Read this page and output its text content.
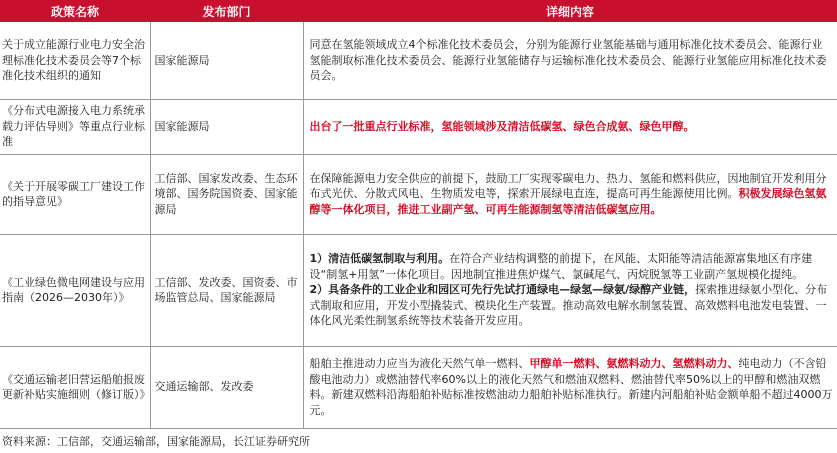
政策名称	发布部门	详细内容
关于成立能源行业电力安全治理标准化技术委员会等7个标准化技术组织的通知	国家能源局	同意在氢能领域成立4个标准化技术委员会，分别为能源行业氢能基础与通用标准化技术委员会、能源行业氢能制取标准化技术委员会、能源行业氢能储存与运输标准化技术委员会、能源行业氢能应用标准化技术委员会。
《分布式电源接入电力系统承载力评估导则》等重点行业标准	国家能源局	出台了一批重点行业标准，氢能领域涉及清洁低碳氢、绿色合成氨、绿色甲醇。
《关于开展零碳工厂建设工作的指导意见》	工信部、国家发改委、生态环境部、国务院国资委、国家能源局	在保障能源电力安全供应的前提下，鼓励工厂实现零碳电力、热力、氢能和燃料供应，因地制宜开发利用分布式光伏、分散式风电、生物质发电等，探索开展绿电直连，提高可再生能源使用比例。积极发展绿色氢氨醇等一体化项目，推进工业副产氢、可再生能源制氢等清洁低碳氢应用。
《工业绿色微电网建设与应用指南（2026—2030年）》	工信部、发改委、国资委、市场监管总局、国家能源局	1）清洁低碳氢制取与利用。在符合产业结构调整的前提下，在风能、太阳能等清洁能源富集地区有序建设“制氢+用氢”一体化项目。因地制宜推进焦炉煤气、氯碱尾气、丙烷脱氢等工业副产氢规模化提纯。
2）具备条件的工业企业和园区可先行先试打通绿电—绿氢—绿氨/绿醇产业链，探索推进绿氨小型化、分布式制取和应用，开发小型撬装式、模块化生产装置。推动高效电解水制氢装置、高效燃料电池发电装置、一体化风光柔性制氢系统等技术装备开发应用。
《交通运输老旧营运船舶报废更新补贴实施细则（修订版）》	交通运输部、发改委	船舶主推进动力应当为液化天然气单一燃料、甲醇单一燃料、氨燃料动力、氢燃料动力、纯电动力（不含铅酸电池动力）或燃油替代率60%以上的液化天然气和燃油双燃料、燃油替代率50%以上的甲醇和燃油双燃料。新建双燃料沿海船舶补贴标准按燃油动力船舶补贴标准执行。新建内河船舶补贴金额单船不超过4000万元。
资料来源：工信部，交通运输部，国家能源局，长江证券研究所
